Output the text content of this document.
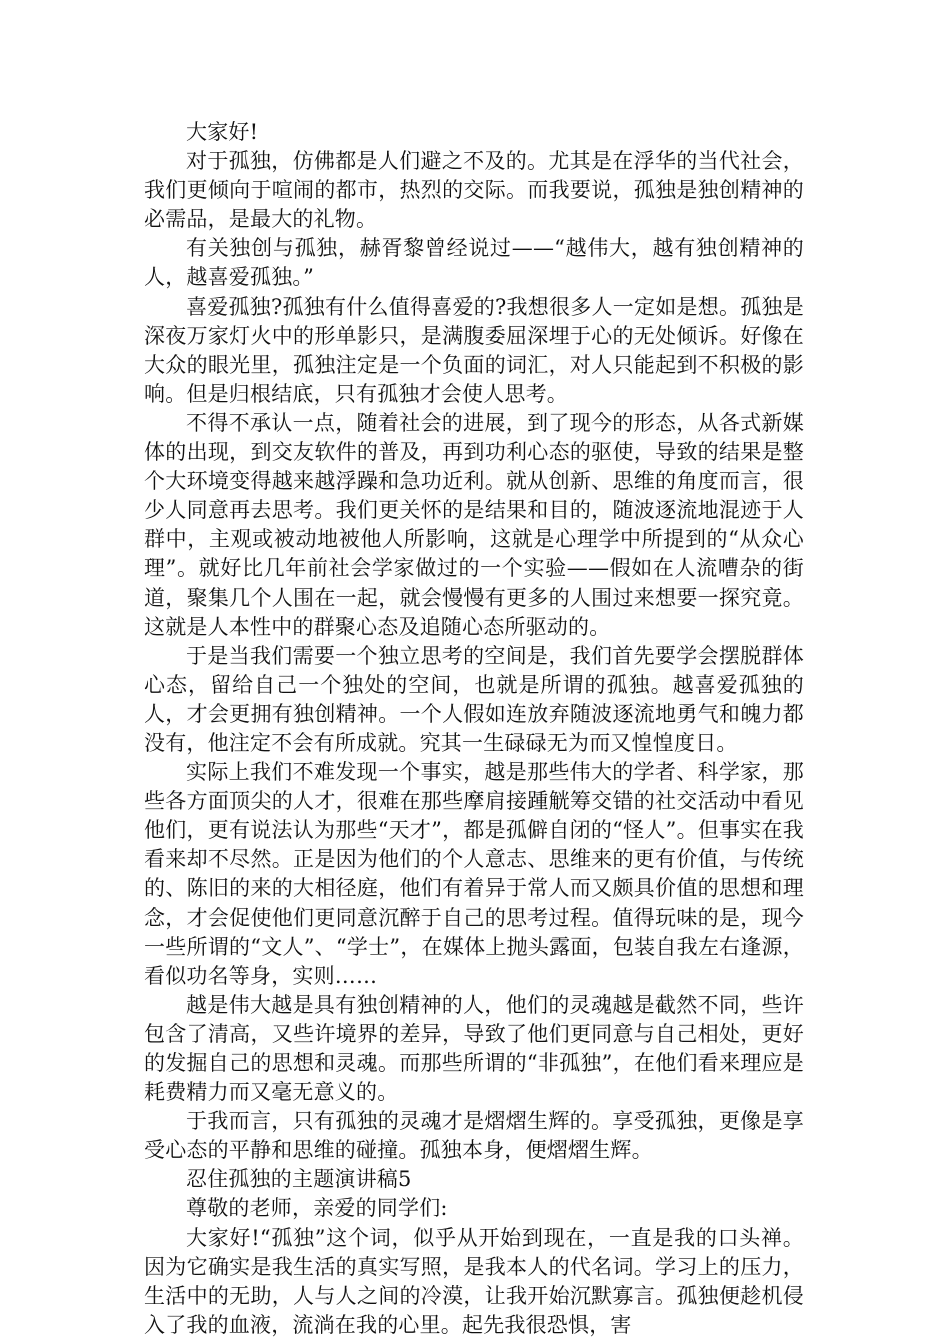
大家好!

对于孤独，仿佛都是人们避之不及的。尤其是在浮华的当代社会，我们更倾向于喧闹的都市，热烈的交际。而我要说，孤独是独创精神的必需品，是最大的礼物。

有关独创与孤独，赫胥黎曾经说过——“越伟大，越有独创精神的人，越喜爱孤独。”

喜爱孤独?孤独有什么值得喜爱的?我想很多人一定如是想。孤独是深夜万家灯火中的形单影只，是满腹委屈深埋于心的无处倾诉。好像在大众的眼光里，孤独注定是一个负面的词汇，对人只能起到不积极的影响。但是归根结底，只有孤独才会使人思考。

不得不承认一点，随着社会的进展，到了现今的形态，从各式新媒体的出现，到交友软件的普及，再到功利心态的驱使，导致的结果是整个大环境变得越来越浮躁和急功近利。就从创新、思维的角度而言，很少人同意再去思考。我们更关怀的是结果和目的，随波逐流地混迹于人群中，主观或被动地被他人所影响，这就是心理学中所提到的“从众心理”。就好比几年前社会学家做过的一个实验——假如在人流嘈杂的街道，聚集几个人围在一起，就会慢慢有更多的人围过来想要一探究竟。这就是人本性中的群聚心态及追随心态所驱动的。

于是当我们需要一个独立思考的空间是，我们首先要学会摆脱群体心态，留给自己一个独处的空间，也就是所谓的孤独。越喜爱孤独的人，才会更拥有独创精神。一个人假如连放弃随波逐流地勇气和魄力都没有，他注定不会有所成就。究其一生碌碌无为而又惶惶度日。

实际上我们不难发现一个事实，越是那些伟大的学者、科学家，那些各方面顶尖的人才，很难在那些摩肩接踵觥筹交错的社交活动中看见他们，更有说法认为那些“天才”，都是孤僻自闭的“怪人”。但事实在我看来却不尽然。正是因为他们的个人意志、思维来的更有价值，与传统的、陈旧的来的大相径庭，他们有着异于常人而又颇具价值的思想和理念，才会促使他们更同意沉醉于自己的思考过程。值得玩味的是，现今一些所谓的“文人”、“学士”，在媒体上抛头露面，包装自我左右逢源，看似功名等身，实则……

越是伟大越是具有独创精神的人，他们的灵魂越是截然不同，些许包含了清高，又些许境界的差异，导致了他们更同意与自己相处，更好的发掘自己的思想和灵魂。而那些所谓的“非孤独”，在他们看来理应是耗费精力而又毫无意义的。

于我而言，只有孤独的灵魂才是熠熠生辉的。享受孤独，更像是享受心态的平静和思维的碰撞。孤独本身，便熠熠生辉。

忍住孤独的主题演讲稿5

尊敬的老师，亲爱的同学们:

大家好!“孤独”这个词，似乎从开始到现在，一直是我的口头禅。因为它确实是我生活的真实写照，是我本人的代名词。学习上的压力，生活中的无助，人与人之间的冷漠，让我开始沉默寡言。孤独便趁机侵入了我的血液，流淌在我的心里。起先我很恐惧，害
